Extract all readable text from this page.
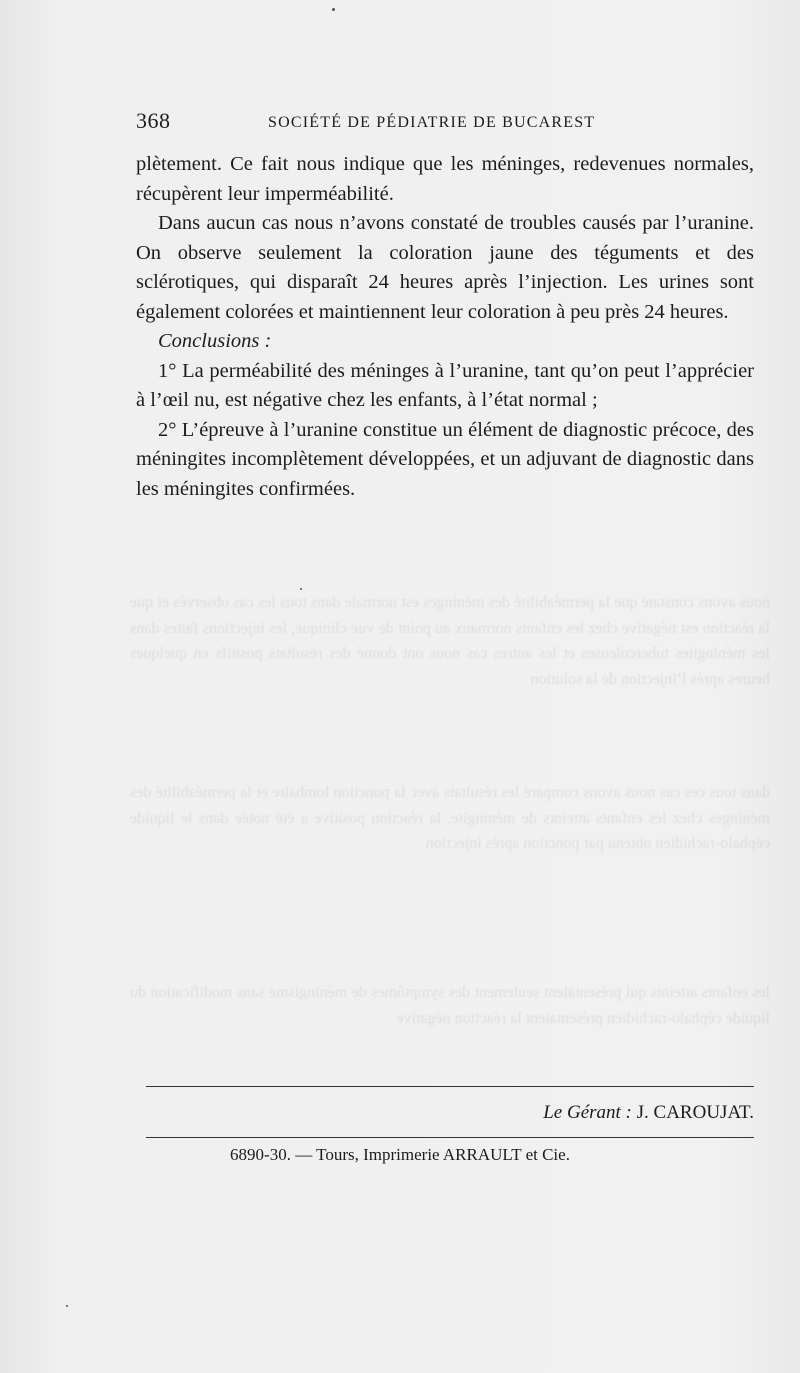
nous avons constaté que la perméabilité des méninges est normale dans tous les cas observés et que la réaction est négative chez les enfants normaux au point de vue clinique, les injections faites dans les méningites tuberculeuses et les autres cas nous ont donné des résultats positifs en quelques heures après l’injection de la solution
dans tous ces cas nous avons comparé les résultats avec la ponction lombaire et la perméabilité des méninges chez les enfants atteints de méningite, la réaction positive a été notée dans le liquide céphalo-rachidien obtenu par ponction après injection
les enfants atteints qui présentaient seulement des symptômes de méningisme sans modification du liquide céphalo-rachidien présentaient la réaction négative
368	SOCIÉTÉ DE PÉDIATRIE DE BUCAREST

plètement. Ce fait nous indique que les méninges, redevenues normales, récupèrent leur imperméabilité.

Dans aucun cas nous n’avons constaté de troubles causés par l’uranine. On observe seulement la coloration jaune des téguments et des sclérotiques, qui disparaît 24 heures après l’injection. Les urines sont également colorées et maintiennent leur coloration à peu près 24 heures.

Conclusions :

1° La perméabilité des méninges à l’uranine, tant qu’on peut l’apprécier à l’œil nu, est négative chez les enfants, à l’état normal ;

2° L’épreuve à l’uranine constitue un élément de diagnostic précoce, des méningites incomplètement développées, et un adjuvant de diagnostic dans les méningites confirmées.

Le Gérant : J. CAROUJAT.
6890-30. — Tours, Imprimerie ARRAULT et Cie.
